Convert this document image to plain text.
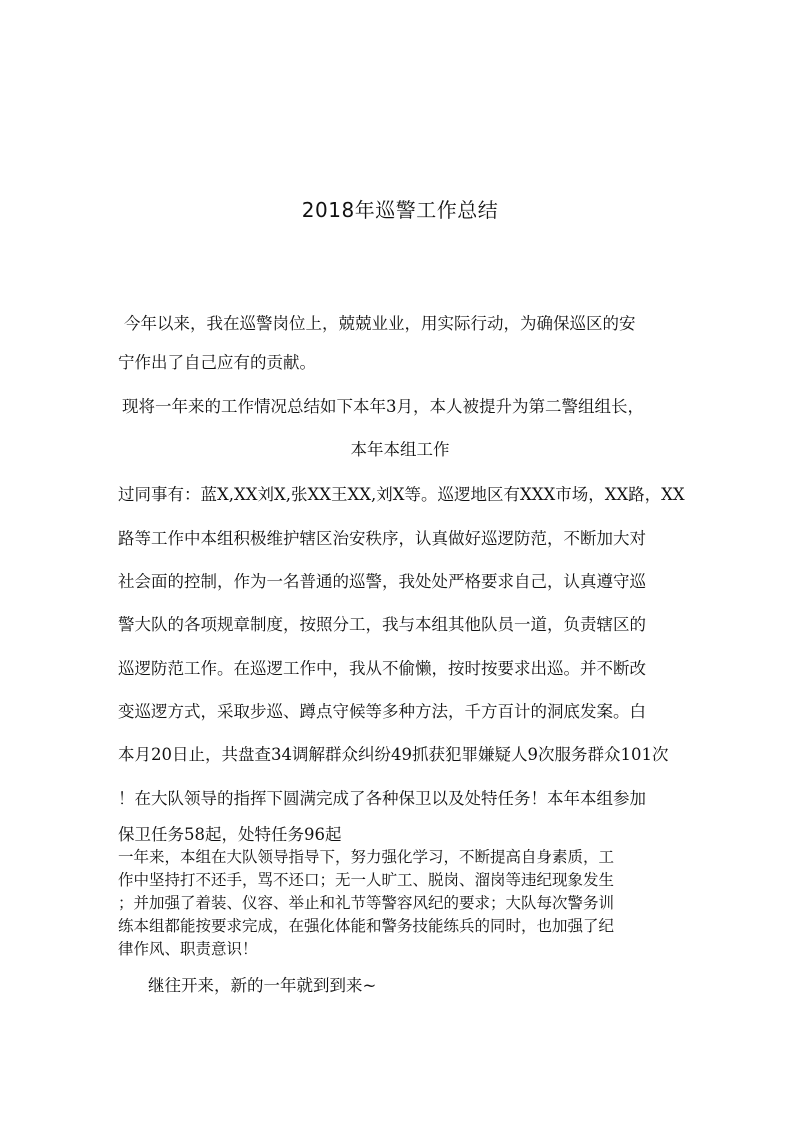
2018年巡警工作总结
今年以来，我在巡警岗位上，兢兢业业，用实际行动，为确保巡区的安
宁作出了自己应有的贡献。
现将一年来的工作情况总结如下本年3月，本人被提升为第二警组组长，
本年本组工作
过同事有：蓝X,XX刘X,张XX王XX,刘X等。巡逻地区有XXX市场，XX路，XX
路等工作中本组积极维护辖区治安秩序，认真做好巡逻防范，不断加大对
社会面的控制，作为一名普通的巡警，我处处严格要求自己，认真遵守巡
警大队的各项规章制度，按照分工，我与本组其他队员一道，负责辖区的
巡逻防范工作。在巡逻工作中，我从不偷懒，按时按要求出巡。并不断改
变巡逻方式，采取步巡、蹲点守候等多种方法，千方百计的洞底发案。白
本月20日止，共盘查34调解群众纠纷49抓获犯罪嫌疑人9次服务群众101次
！在大队领导的指挥下圆满完成了各种保卫以及处特任务！本年本组参加
保卫任务58起，处特任务96起
一年来，本组在大队领导指导下，努力强化学习，不断提高自身素质，工
作中坚持打不还手，骂不还口；无一人旷工、脱岗、溜岗等违纪现象发生
；并加强了着装、仪容、举止和礼节等警容风纪的要求；大队每次警务训
练本组都能按要求完成，在强化体能和警务技能练兵的同时，也加强了纪
律作风、职责意识！
继往开来，新的一年就到到来~
